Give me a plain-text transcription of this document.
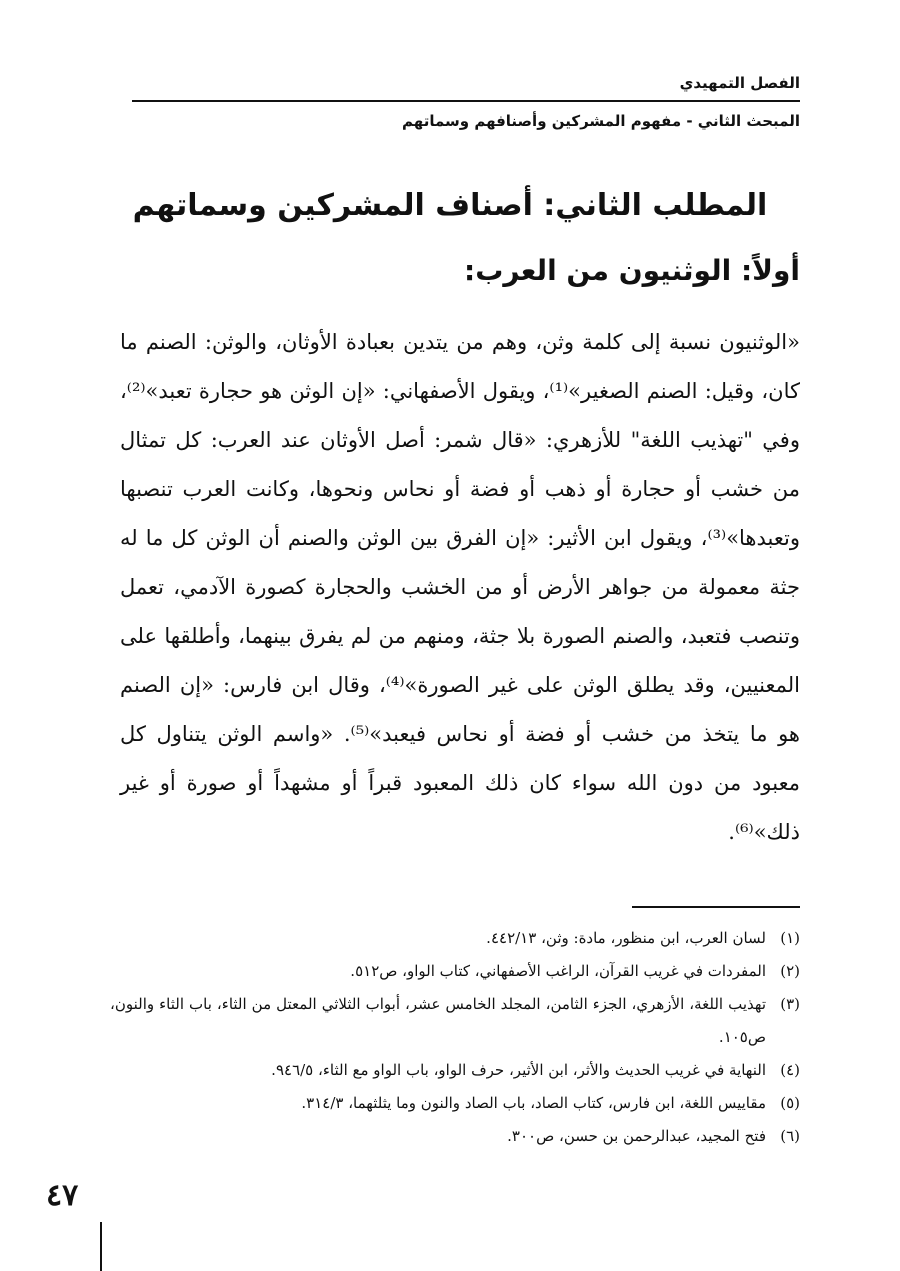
الفصل التمهيدي
المبحث الثاني - مفهوم المشركين وأصنافهم وسماتهم
المطلب الثاني: أصناف المشركين وسماتهم
أولاً: الوثنيون من العرب:

«الوثنيون نسبة إلى كلمة وثن، وهم من يتدين بعبادة الأوثان، والوثن: الصنم ما كان، وقيل: الصنم الصغير»⁽¹⁾، ويقول الأصفهاني: «إن الوثن هو حجارة تعبد»⁽²⁾، وفي "تهذيب اللغة" للأزهري: «قال شمر: أصل الأوثان عند العرب: كل تمثال من خشب أو حجارة أو ذهب أو فضة أو نحاس ونحوها، وكانت العرب تنصبها وتعبدها»⁽³⁾، ويقول ابن الأثير: «إن الفرق بين الوثن والصنم أن الوثن كل ما له جثة معمولة من جواهر الأرض أو من الخشب والحجارة كصورة الآدمي، تعمل وتنصب فتعبد، والصنم الصورة بلا جثة، ومنهم من لم يفرق بينهما، وأطلقها على المعنيين، وقد يطلق الوثن على غير الصورة»⁽⁴⁾، وقال ابن فارس: «إن الصنم هو ما يتخذ من خشب أو فضة أو نحاس فيعبد»⁽⁵⁾. «واسم الوثن يتناول كل معبود من دون الله سواء كان ذلك المعبود قبراً أو مشهداً أو صورة أو غير ذلك»⁽⁶⁾.

(١)
لسان العرب، ابن منظور، مادة: وثن، ٤٤٢/١٣.
(٢)
المفردات في غريب القرآن، الراغب الأصفهاني، كتاب الواو، ص٥١٢.
(٣)
تهذيب اللغة، الأزهري، الجزء الثامن، المجلد الخامس عشر، أبواب الثلاثي المعتل من الثاء، باب الثاء والنون، ص١٠٥.
(٤)
النهاية في غريب الحديث والأثر، ابن الأثير، حرف الواو، باب الواو مع الثاء، ٩٤٦/٥.
(٥)
مقاييس اللغة، ابن فارس، كتاب الصاد، باب الصاد والنون وما يثلثهما، ٣١٤/٣.
(٦)
فتح المجيد، عبدالرحمن بن حسن، ص٣٠٠.
٤٧
